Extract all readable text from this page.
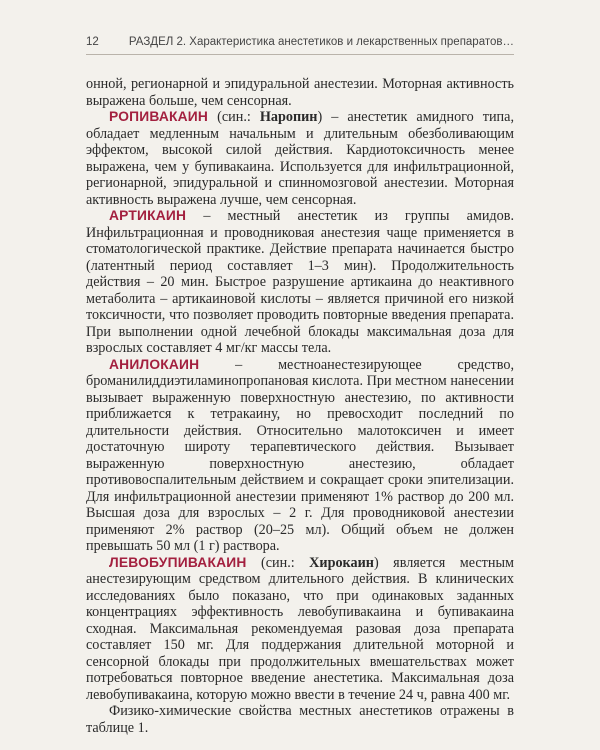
12	РАЗДЕЛ 2. Характеристика анестетиков и лекарственных препаратов…

онной, регионарной и эпидуральной анестезии. Моторная активность выражена больше, чем сенсорная.

РОПИВАКАИН (син.: Наропин) – анестетик амидного типа, обладает медленным начальным и длительным обезболивающим эффектом, высокой силой действия. Кардиотоксичность менее выражена, чем у бупивакаина. Используется для инфильтрационной, регионарной, эпидуральной и спинномозговой анестезии. Моторная активность выражена лучше, чем сенсорная.

АРТИКАИН – местный анестетик из группы амидов. Инфильтрационная и проводниковая анестезия чаще применяется в стоматологической практике. Действие препарата начинается быстро (латентный период составляет 1–3 мин). Продолжительность действия – 20 мин. Быстрое разрушение артикаина до неактивного метаболита – артикаиновой кислоты – является причиной его низкой токсичности, что позволяет проводить повторные введения препарата. При выполнении одной лечебной блокады максимальная доза для взрослых составляет 4 мг/кг массы тела.

АНИЛОКАИН – местноанестезирующее средство, броманилиддиэтиламинопропановая кислота. При местном нанесении вызывает выраженную поверхностную анестезию, по активности приближается к тетракаину, но превосходит последний по длительности действия. Относительно малотоксичен и имеет достаточную широту терапевтического действия. Вызывает выраженную поверхностную анестезию, обладает противовоспалительным действием и сокращает сроки эпителизации. Для инфильтрационной анестезии применяют 1% раствор до 200 мл. Высшая доза для взрослых – 2 г. Для проводниковой анестезии применяют 2% раствор (20–25 мл). Общий объем не должен превышать 50 мл (1 г) раствора.

ЛЕВОБУПИВАКАИН (син.: Хирокаин) является местным анестезирующим средством длительного действия. В клинических исследованиях было показано, что при одинаковых заданных концентрациях эффективность левобупивакаина и бупивакаина сходная. Максимальная рекомендуемая разовая доза препарата составляет 150 мг. Для поддержания длительной моторной и сенсорной блокады при продолжительных вмешательствах может потребоваться повторное введение анестетика. Максимальная доза левобупивакаина, которую можно ввести в течение 24 ч, равна 400 мг.

Физико-химические свойства местных анестетиков отражены в таблице 1.
